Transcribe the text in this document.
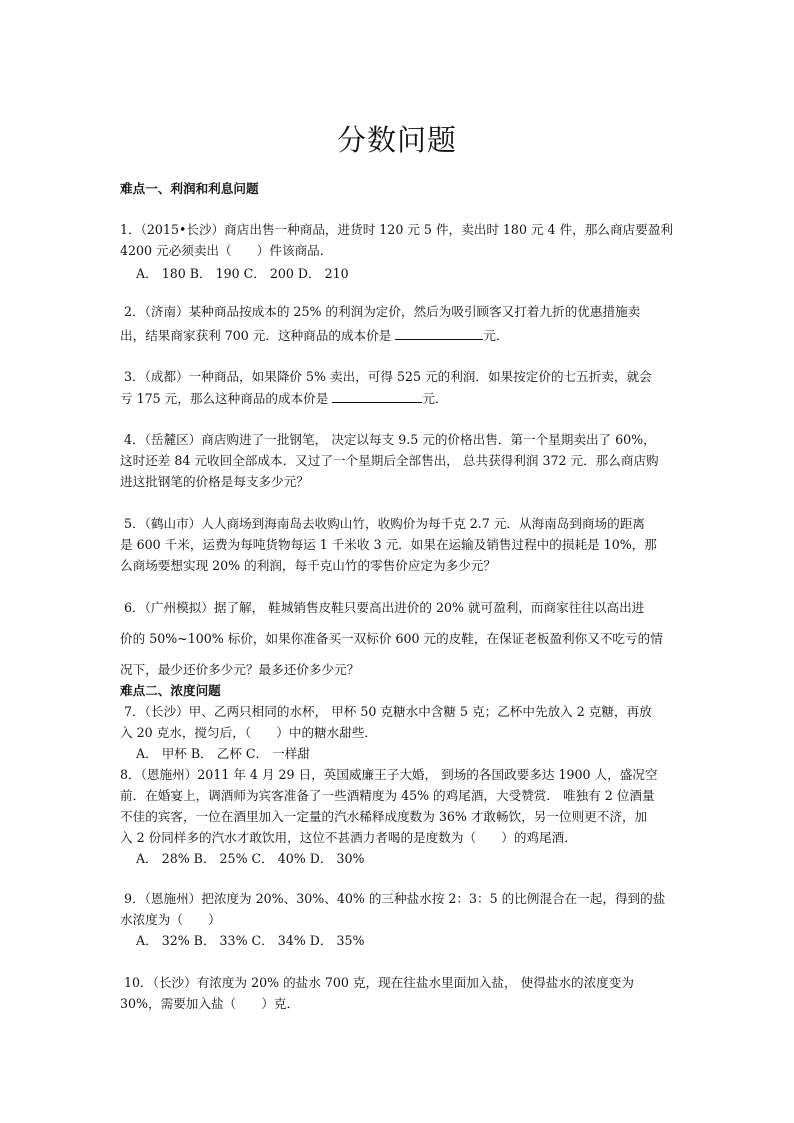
分数问题
难点一、利润和利息问题
1．（2015•长沙）商店出售一种商品，进货时 120 元 5 件，卖出时 180 元 4 件，那么商店要盈利
4200 元必须卖出（　　）件该商品．
A． 180 B． 190 C． 200 D． 210
2．（济南）某种商品按成本的 25% 的利润为定价，然后为吸引顾客又打着九折的优惠措施卖
出，结果商家获利 700 元．这种商品的成本价是	元．
3．（成都）一种商品，如果降价 5% 卖出，可得 525 元的利润．如果按定价的七五折卖，就会
亏 175 元，那么这种商品的成本价是	元．
4．（岳麓区）商店购进了一批钢笔， 决定以每支 9.5 元的价格出售．第一个星期卖出了 60%，
这时还差 84 元收回全部成本．又过了一个星期后全部售出， 总共获得利润 372 元．那么商店购
进这批钢笔的价格是每支多少元？
5．（鹤山市）人人商场到海南岛去收购山竹，收购价为每千克 2.7 元．从海南岛到商场的距离
是 600 千米，运费为每吨货物每运 1 千米收 3 元．如果在运输及销售过程中的损耗是 10%，那
么商场要想实现 20% 的利润，每千克山竹的零售价应定为多少元？
6．（广州模拟）据了解， 鞋城销售皮鞋只要高出进价的 20% 就可盈利，而商家往往以高出进
价的 50%~100% 标价，如果你准备买一双标价 600 元的皮鞋，在保证老板盈利你又不吃亏的情
况下，最少还价多少元？最多还价多少元？
难点二、浓度问题
7．（长沙）甲、乙两只相同的水杯， 甲杯 50 克糖水中含糖 5 克；乙杯中先放入 2 克糖，再放
入 20 克水，搅匀后，（　　）中的糖水甜些．
A． 甲杯 B． 乙杯 C． 一样甜
8．（恩施州）2011 年 4 月 29 日，英国威廉王子大婚， 到场的各国政要多达 1900 人，盛况空
前．在婚宴上，调酒师为宾客准备了一些酒精度为 45% 的鸡尾酒，大受赞赏． 唯独有 2 位酒量
不佳的宾客，一位在酒里加入一定量的汽水稀释成度数为 36% 才敢畅饮，另一位则更不济，加
入 2 份同样多的汽水才敢饮用，这位不甚酒力者喝的是度数为（　　）的鸡尾酒．
A． 28% B． 25% C． 40% D． 30%
9．（恩施州）把浓度为 20%、30%、40% 的三种盐水按 2：3：5 的比例混合在一起，得到的盐
水浓度为（　　）
A． 32% B． 33% C． 34% D． 35%
10．（长沙）有浓度为 20% 的盐水 700 克，现在往盐水里面加入盐， 使得盐水的浓度变为
30%，需要加入盐（　　）克．
